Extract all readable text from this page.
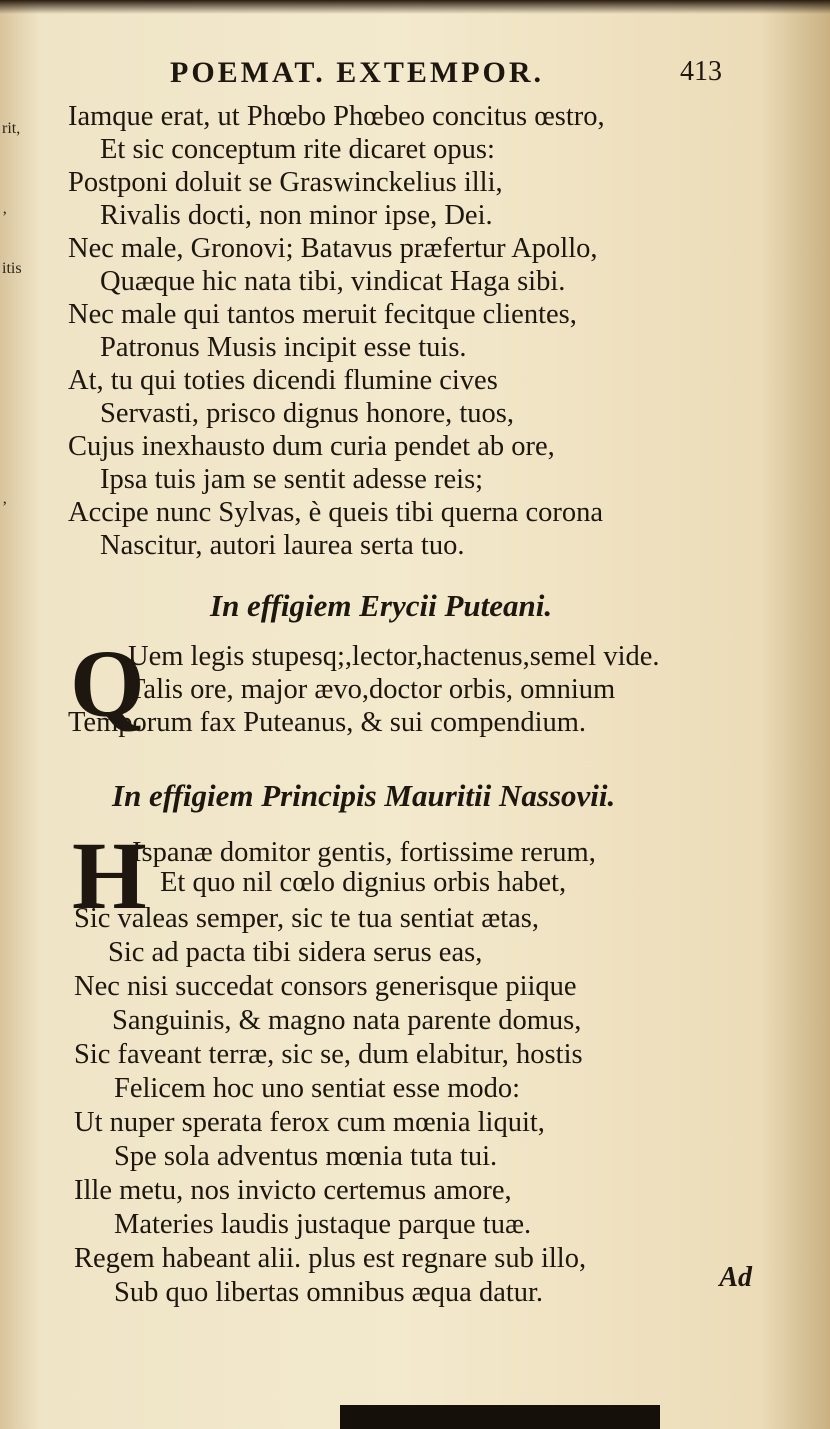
rit,
‚
itis
‚
POEMAT. EXTEMPOR.	413
Iamque erat, ut Phœbo Phœbeo concitus œstro,
Et sic conceptum rite dicaret opus:
Postponi doluit se Graswinckelius illi,
Rivalis docti, non minor ipse, Dei.
Nec male, Gronovi; Batavus præfertur Apollo,
Quæque hic nata tibi, vindicat Haga sibi.
Nec male qui tantos meruit fecitque clientes,
Patronus Musis incipit esse tuis.
At, tu qui toties dicendi flumine cives
Servasti, prisco dignus honore, tuos,
Cujus inexhausto dum curia pendet ab ore,
Ipsa tuis jam se sentit adesse reis;
Accipe nunc Sylvas, è queis tibi querna corona
Nascitur, autori laurea serta tuo.
In effigiem Erycii Puteani.
Q
Uem legis stupesq;,lector,hactenus,semel vide.
Talis ore, major ævo,doctor orbis, omnium
Temporum fax Puteanus, & sui compendium.
In effigiem Principis Mauritii Nassovii.
H
Ispanæ domitor gentis, fortissime rerum,
Et quo nil cœlo dignius orbis habet,
Sic valeas semper, sic te tua sentiat ætas,
Sic ad pacta tibi sidera serus eas,
Nec nisi succedat consors generisque piique
Sanguinis, & magno nata parente domus,
Sic faveant terræ, sic se, dum elabitur, hostis
Felicem hoc uno sentiat esse modo:
Ut nuper sperata ferox cum mœnia liquit,
Spe sola adventus mœnia tuta tui.
Ille metu, nos invicto certemus amore,
Materies laudis justaque parque tuæ.
Regem habeant alii. plus est regnare sub illo,
Sub quo libertas omnibus æqua datur.	Ad
